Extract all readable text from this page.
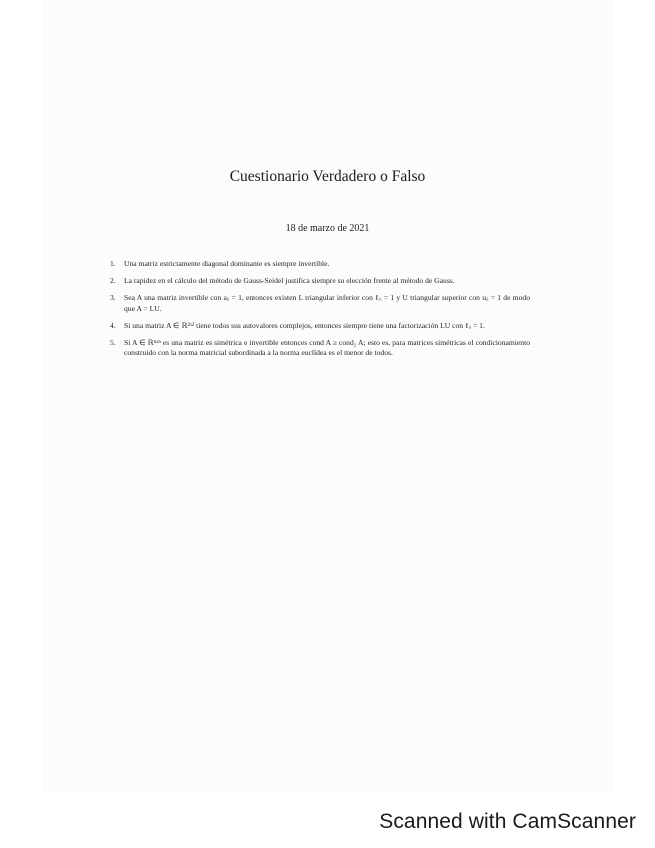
Cuestionario Verdadero o Falso
18 de marzo de 2021
1. Una matriz estrictamente diagonal dominante es siempre invertible.
2. La rapidez en el cálculo del método de Gauss-Seidel justifica siempre su elección frente al método de Gauss.
3. Sea A una matriz invertible con aᵢᵢ = 1, entonces existen L triangular inferior con ℓᵢᵢ = 1 y U triangular superior con uᵢᵢ = 1 de modo que A = LU.
4. Si una matriz A ∈ ℝ²ˣ² tiene todos sus autovalores complejos, entonces siempre tiene una factorización LU con ℓᵢᵢ = 1.
5. Si A ∈ ℝⁿˣⁿ es una matriz es simétrica e invertible entonces cond A ≥ cond₂ A; esto es, para matrices simétricas el condicionamiento construido con la norma matricial subordinada a la norma euclídea es el menor de todos.
Scanned with CamScanner
